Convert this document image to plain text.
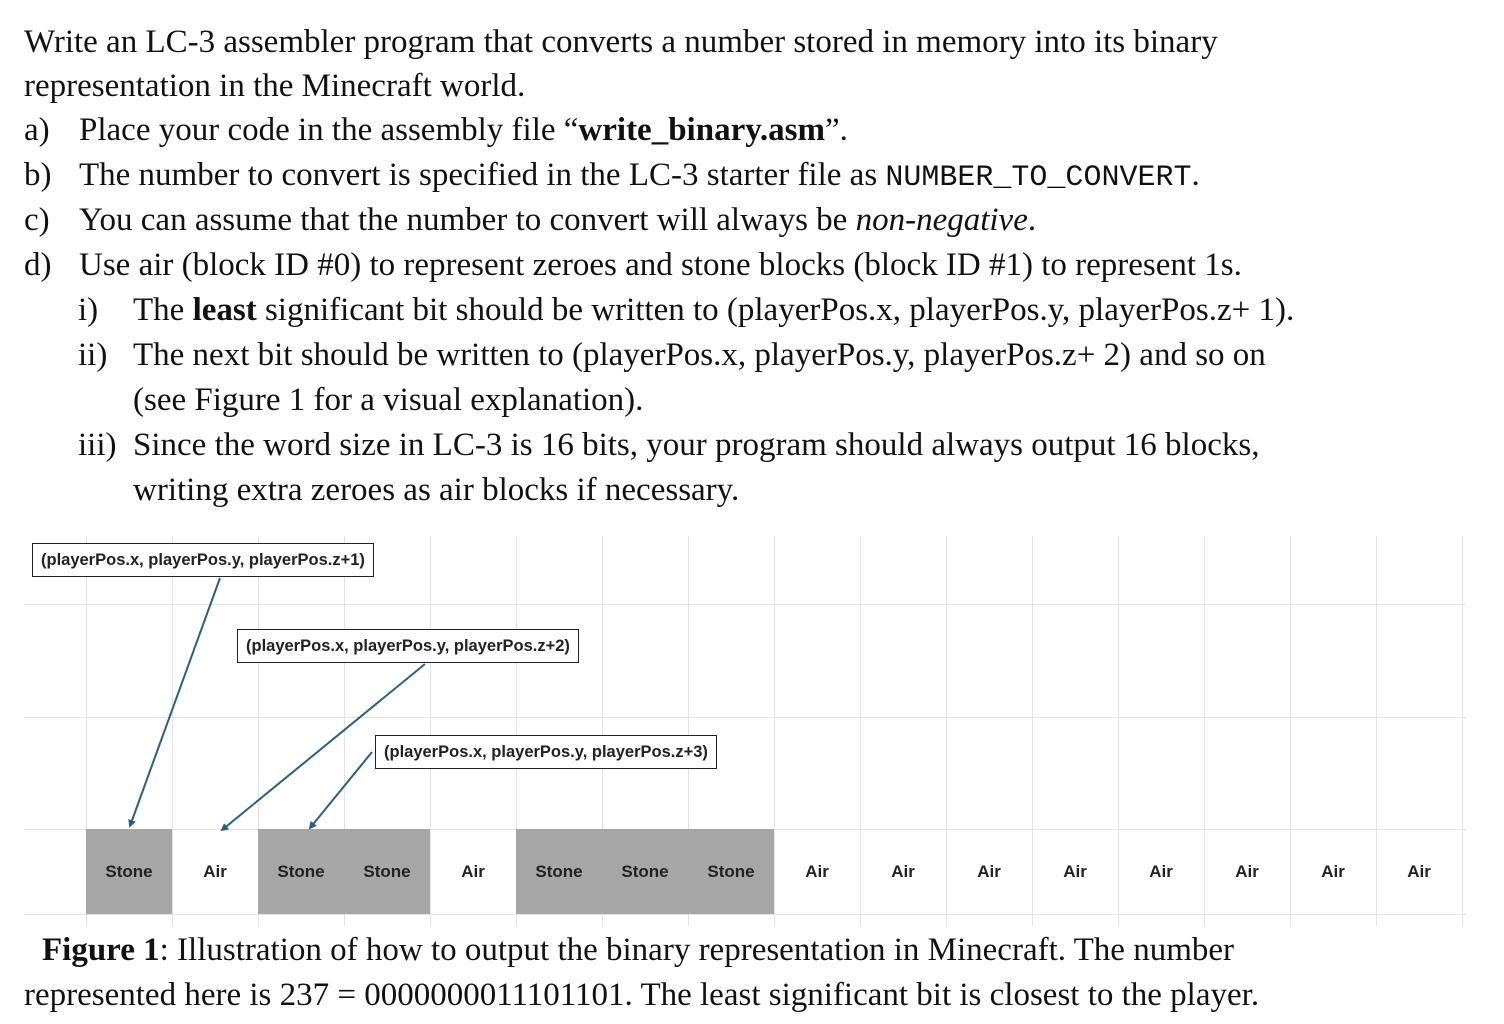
Write an LC-3 assembler program that converts a number stored in memory into its binary
representation in the Minecraft world.
a) Place your code in the assembly file “write_binary.asm”.
b) The number to convert is specified in the LC-3 starter file as NUMBER_TO_CONVERT.
c) You can assume that the number to convert will always be non-negative.
d) Use air (block ID #0) to represent zeroes and stone blocks (block ID #1) to represent 1s.
i) The least significant bit should be written to (playerPos.x, playerPos.y, playerPos.z+ 1).
ii) The next bit should be written to (playerPos.x, playerPos.y, playerPos.z+ 2) and so on
(see Figure 1 for a visual explanation).
iii) Since the word size in LC-3 is 16 bits, your program should always output 16 blocks,
writing extra zeroes as air blocks if necessary.
Stone	Air	Stone	Stone	Air	Stone	Stone	Stone	Air	Air	Air	Air	Air	Air	Air	Air
(playerPos.x, playerPos.y, playerPos.z+1)
(playerPos.x, playerPos.y, playerPos.z+2)
(playerPos.x, playerPos.y, playerPos.z+3)
Figure 1: Illustration of how to output the binary representation in Minecraft. The number
represented here is 237 = 0000000011101101. The least significant bit is closest to the player.
